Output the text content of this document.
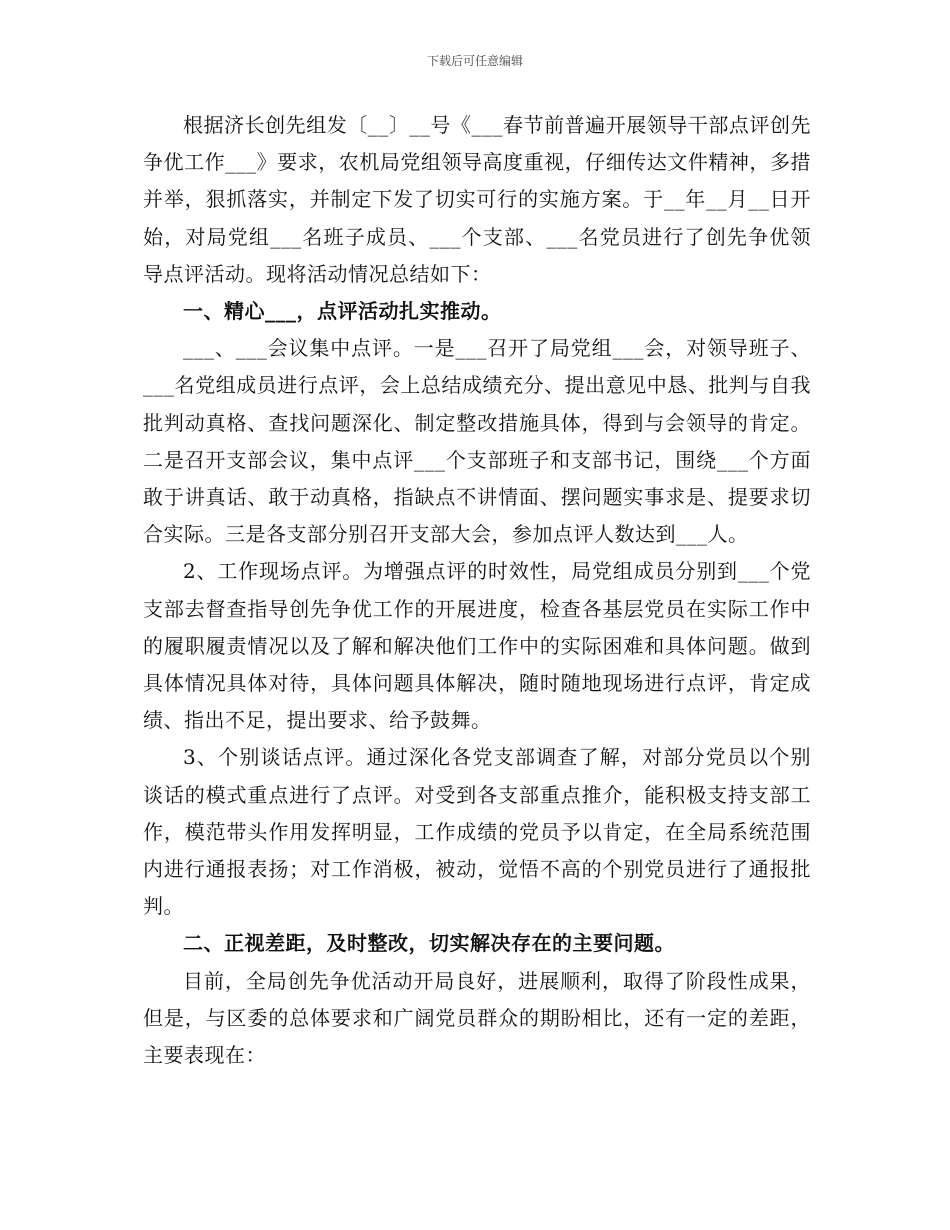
下载后可任意编辑

根据济长创先组发〔__〕__号《___春节前普遍开展领导干部点评创先争优工作___》要求，农机局党组领导高度重视，仔细传达文件精神，多措并举，狠抓落实，并制定下发了切实可行的实施方案。于__年__月__日开始，对局党组___名班子成员、___个支部、___名党员进行了创先争优领导点评活动。现将活动情况总结如下：

一、精心___，点评活动扎实推动。

___、___会议集中点评。一是___召开了局党组___会，对领导班子、___名党组成员进行点评，会上总结成绩充分、提出意见中恳、批判与自我批判动真格、查找问题深化、制定整改措施具体，得到与会领导的肯定。二是召开支部会议，集中点评___个支部班子和支部书记，围绕___个方面敢于讲真话、敢于动真格，指缺点不讲情面、摆问题实事求是、提要求切合实际。三是各支部分别召开支部大会，参加点评人数达到___人。

2、工作现场点评。为增强点评的时效性，局党组成员分别到___个党支部去督查指导创先争优工作的开展进度，检查各基层党员在实际工作中的履职履责情况以及了解和解决他们工作中的实际困难和具体问题。做到具体情况具体对待，具体问题具体解决，随时随地现场进行点评，肯定成绩、指出不足，提出要求、给予鼓舞。

3、个别谈话点评。通过深化各党支部调查了解，对部分党员以个别谈话的模式重点进行了点评。对受到各支部重点推介，能积极支持支部工作，模范带头作用发挥明显，工作成绩的党员予以肯定，在全局系统范围内进行通报表扬；对工作消极，被动，觉悟不高的个别党员进行了通报批判。

二、正视差距，及时整改，切实解决存在的主要问题。

目前，全局创先争优活动开局良好，进展顺利，取得了阶段性成果，但是，与区委的总体要求和广阔党员群众的期盼相比，还有一定的差距，主要表现在：
